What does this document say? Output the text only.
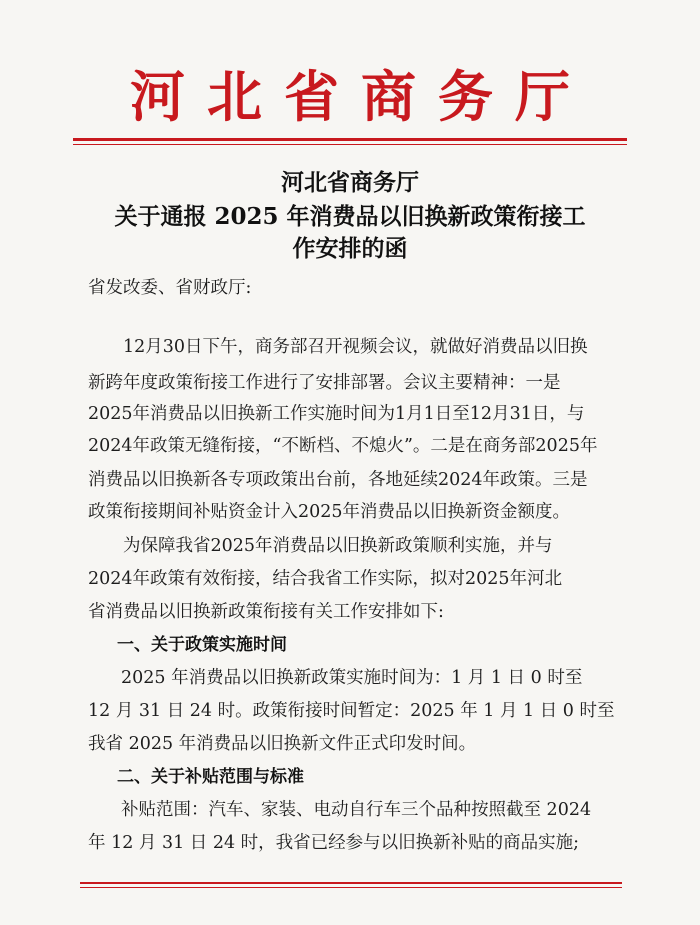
河北省商务厅
河北省商务厅
关于通报 2025 年消费品以旧换新政策衔接工
作安排的函
省发改委、省财政厅:
12月30日下午，商务部召开视频会议，就做好消费品以旧换
新跨年度政策衔接工作进行了安排部署。会议主要精神：一是
2025年消费品以旧换新工作实施时间为1月1日至12月31日，与
2024年政策无缝衔接，“不断档、不熄火”。二是在商务部2025年
消费品以旧换新各专项政策出台前，各地延续2024年政策。三是
政策衔接期间补贴资金计入2025年消费品以旧换新资金额度。
为保障我省2025年消费品以旧换新政策顺利实施，并与
2024年政策有效衔接，结合我省工作实际，拟对2025年河北
省消费品以旧换新政策衔接有关工作安排如下:
一、关于政策实施时间
2025 年消费品以旧换新政策实施时间为：1 月 1 日 0 时至
12 月 31 日 24 时。政策衔接时间暂定：2025 年 1 月 1 日 0 时至
我省 2025 年消费品以旧换新文件正式印发时间。
二、关于补贴范围与标准
补贴范围：汽车、家装、电动自行车三个品种按照截至 2024
年 12 月 31 日 24 时，我省已经参与以旧换新补贴的商品实施;
